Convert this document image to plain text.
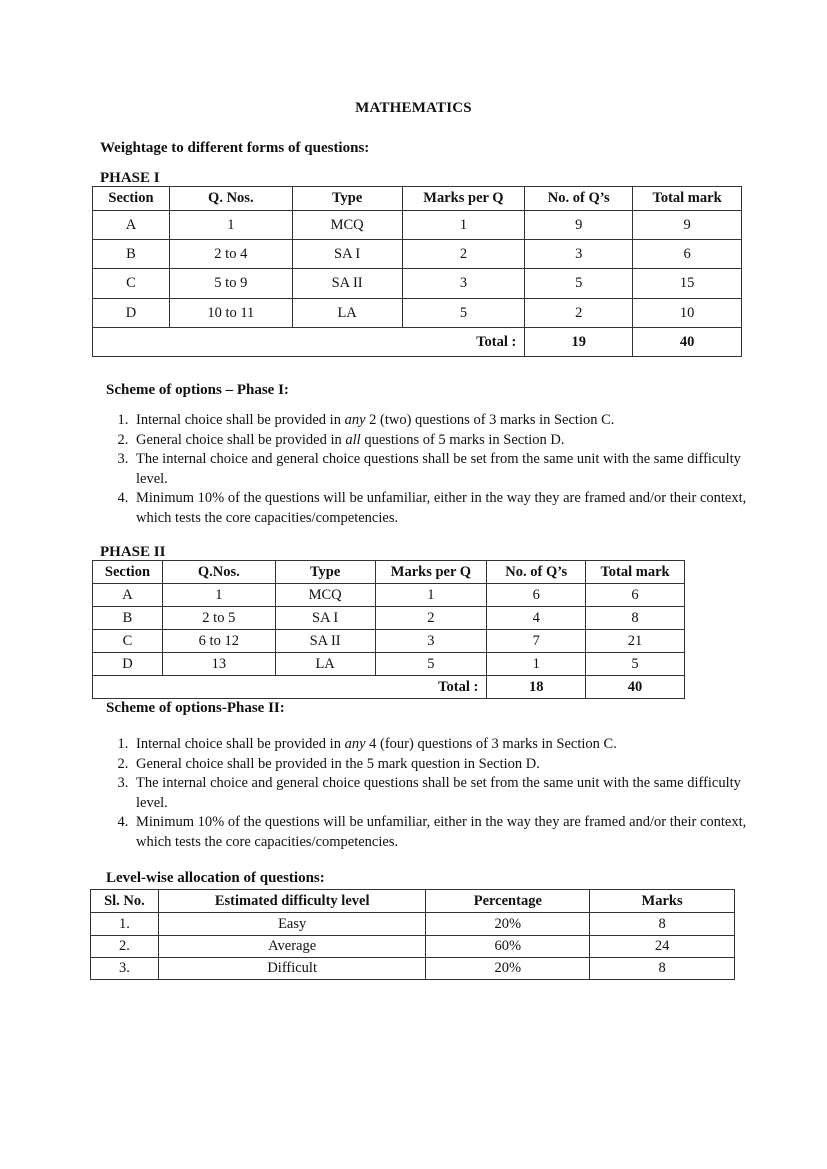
MATHEMATICS
Weightage to different forms of questions:
PHASE I
Section	Q. Nos.	Type	Marks per Q	No. of Q’s	Total mark
A	1	MCQ	1	9	9
B	2 to 4	SA I	2	3	6
C	5 to 9	SA II	3	5	15
D	10 to 11	LA	5	2	10
Total :				19	40
Scheme of options – Phase I:
1. Internal choice shall be provided in any 2 (two) questions of 3 marks in Section C.
2. General choice shall be provided in all questions of 5 marks in Section D.
3. The internal choice and general choice questions shall be set from the same unit with the same difficulty level.
4. Minimum 10% of the questions will be unfamiliar, either in the way they are framed and/or their context, which tests the core capacities/competencies.
PHASE II
Section	Q.Nos.	Type	Marks per Q	No. of Q’s	Total mark
A	1	MCQ	1	6	6
B	2 to 5	SA I	2	4	8
C	6 to 12	SA II	3	7	21
D	13	LA	5	1	5
Total :				18	40
Scheme of options-Phase II:
1. Internal choice shall be provided in any 4 (four) questions of 3 marks in Section C.
2. General choice shall be provided in the 5 mark question in Section D.
3. The internal choice and general choice questions shall be set from the same unit with the same difficulty level.
4. Minimum 10% of the questions will be unfamiliar, either in the way they are framed and/or their context, which tests the core capacities/competencies.
Level-wise allocation of questions:
Sl. No.	Estimated difficulty level	Percentage	Marks
1.	Easy	20%	8
2.	Average	60%	24
3.	Difficult	20%	8
